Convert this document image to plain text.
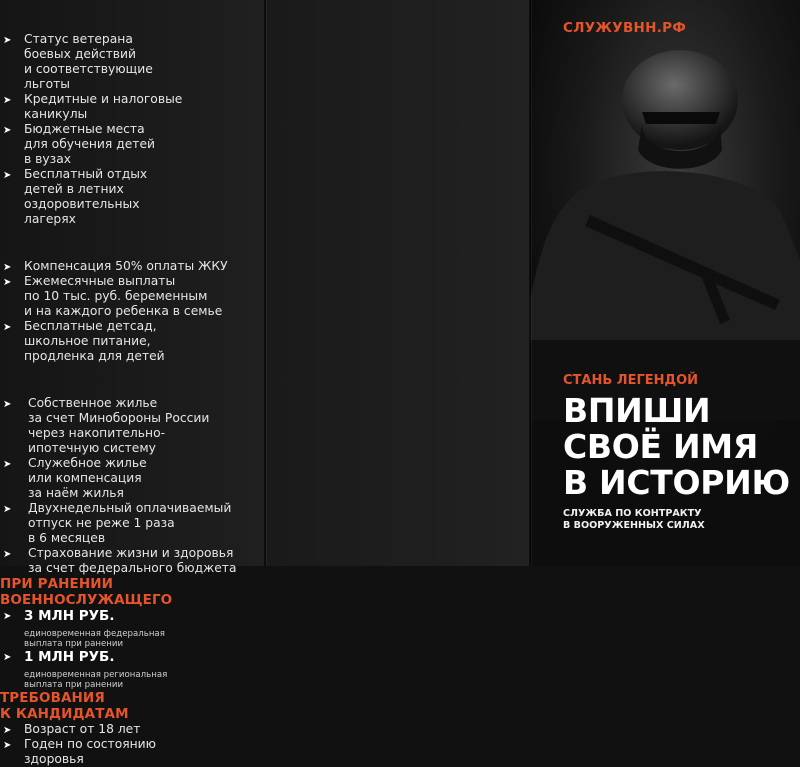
➤ Статус ветерана
боевых действий
и соответствующие
льготы
➤ Кредитные и налоговые
каникулы
➤ Бюджетные места
для обучения детей
в вузах
➤ Бесплатный отдых
детей в летних
оздоровительных
лагерях

➤ Компенсация 50% оплаты ЖКУ
➤ Ежемесячные выплаты
по 10 тыс. руб. беременным
и на каждого ребенка в семье
➤ Бесплатные детсад,
школьное питание,
продленка для детей

➤ Собственное жилье
за счет Минобороны России
через накопительно-
ипотечную систему
➤ Служебное жилье
или компенсация
за наём жилья
➤ Двухнедельный оплачиваемый
отпуск не реже 1 раза
в 6 месяцев
➤ Страхование жизни и здоровья
за счет федерального бюджета
ПРИ РАНЕНИИ
ВОЕННОСЛУЖАЩЕГО
➤ 3 МЛН РУБ.
единовременная федеральная
выплата при ранении
➤ 1 МЛН РУБ.
единовременная региональная
выплата при ранении
ТРЕБОВАНИЯ
К КАНДИДАТАМ
➤ Возраст от 18 лет
➤ Годен по состоянию
здоровья
СЛУЖУВНН.РФ
СТАНЬ ЛЕГЕНДОЙ
ВПИШИ
СВОЁ ИМЯ
В ИСТОРИЮ
СЛУЖБА ПО КОНТРАКТУ
В ВООРУЖЕННЫХ СИЛАХ
